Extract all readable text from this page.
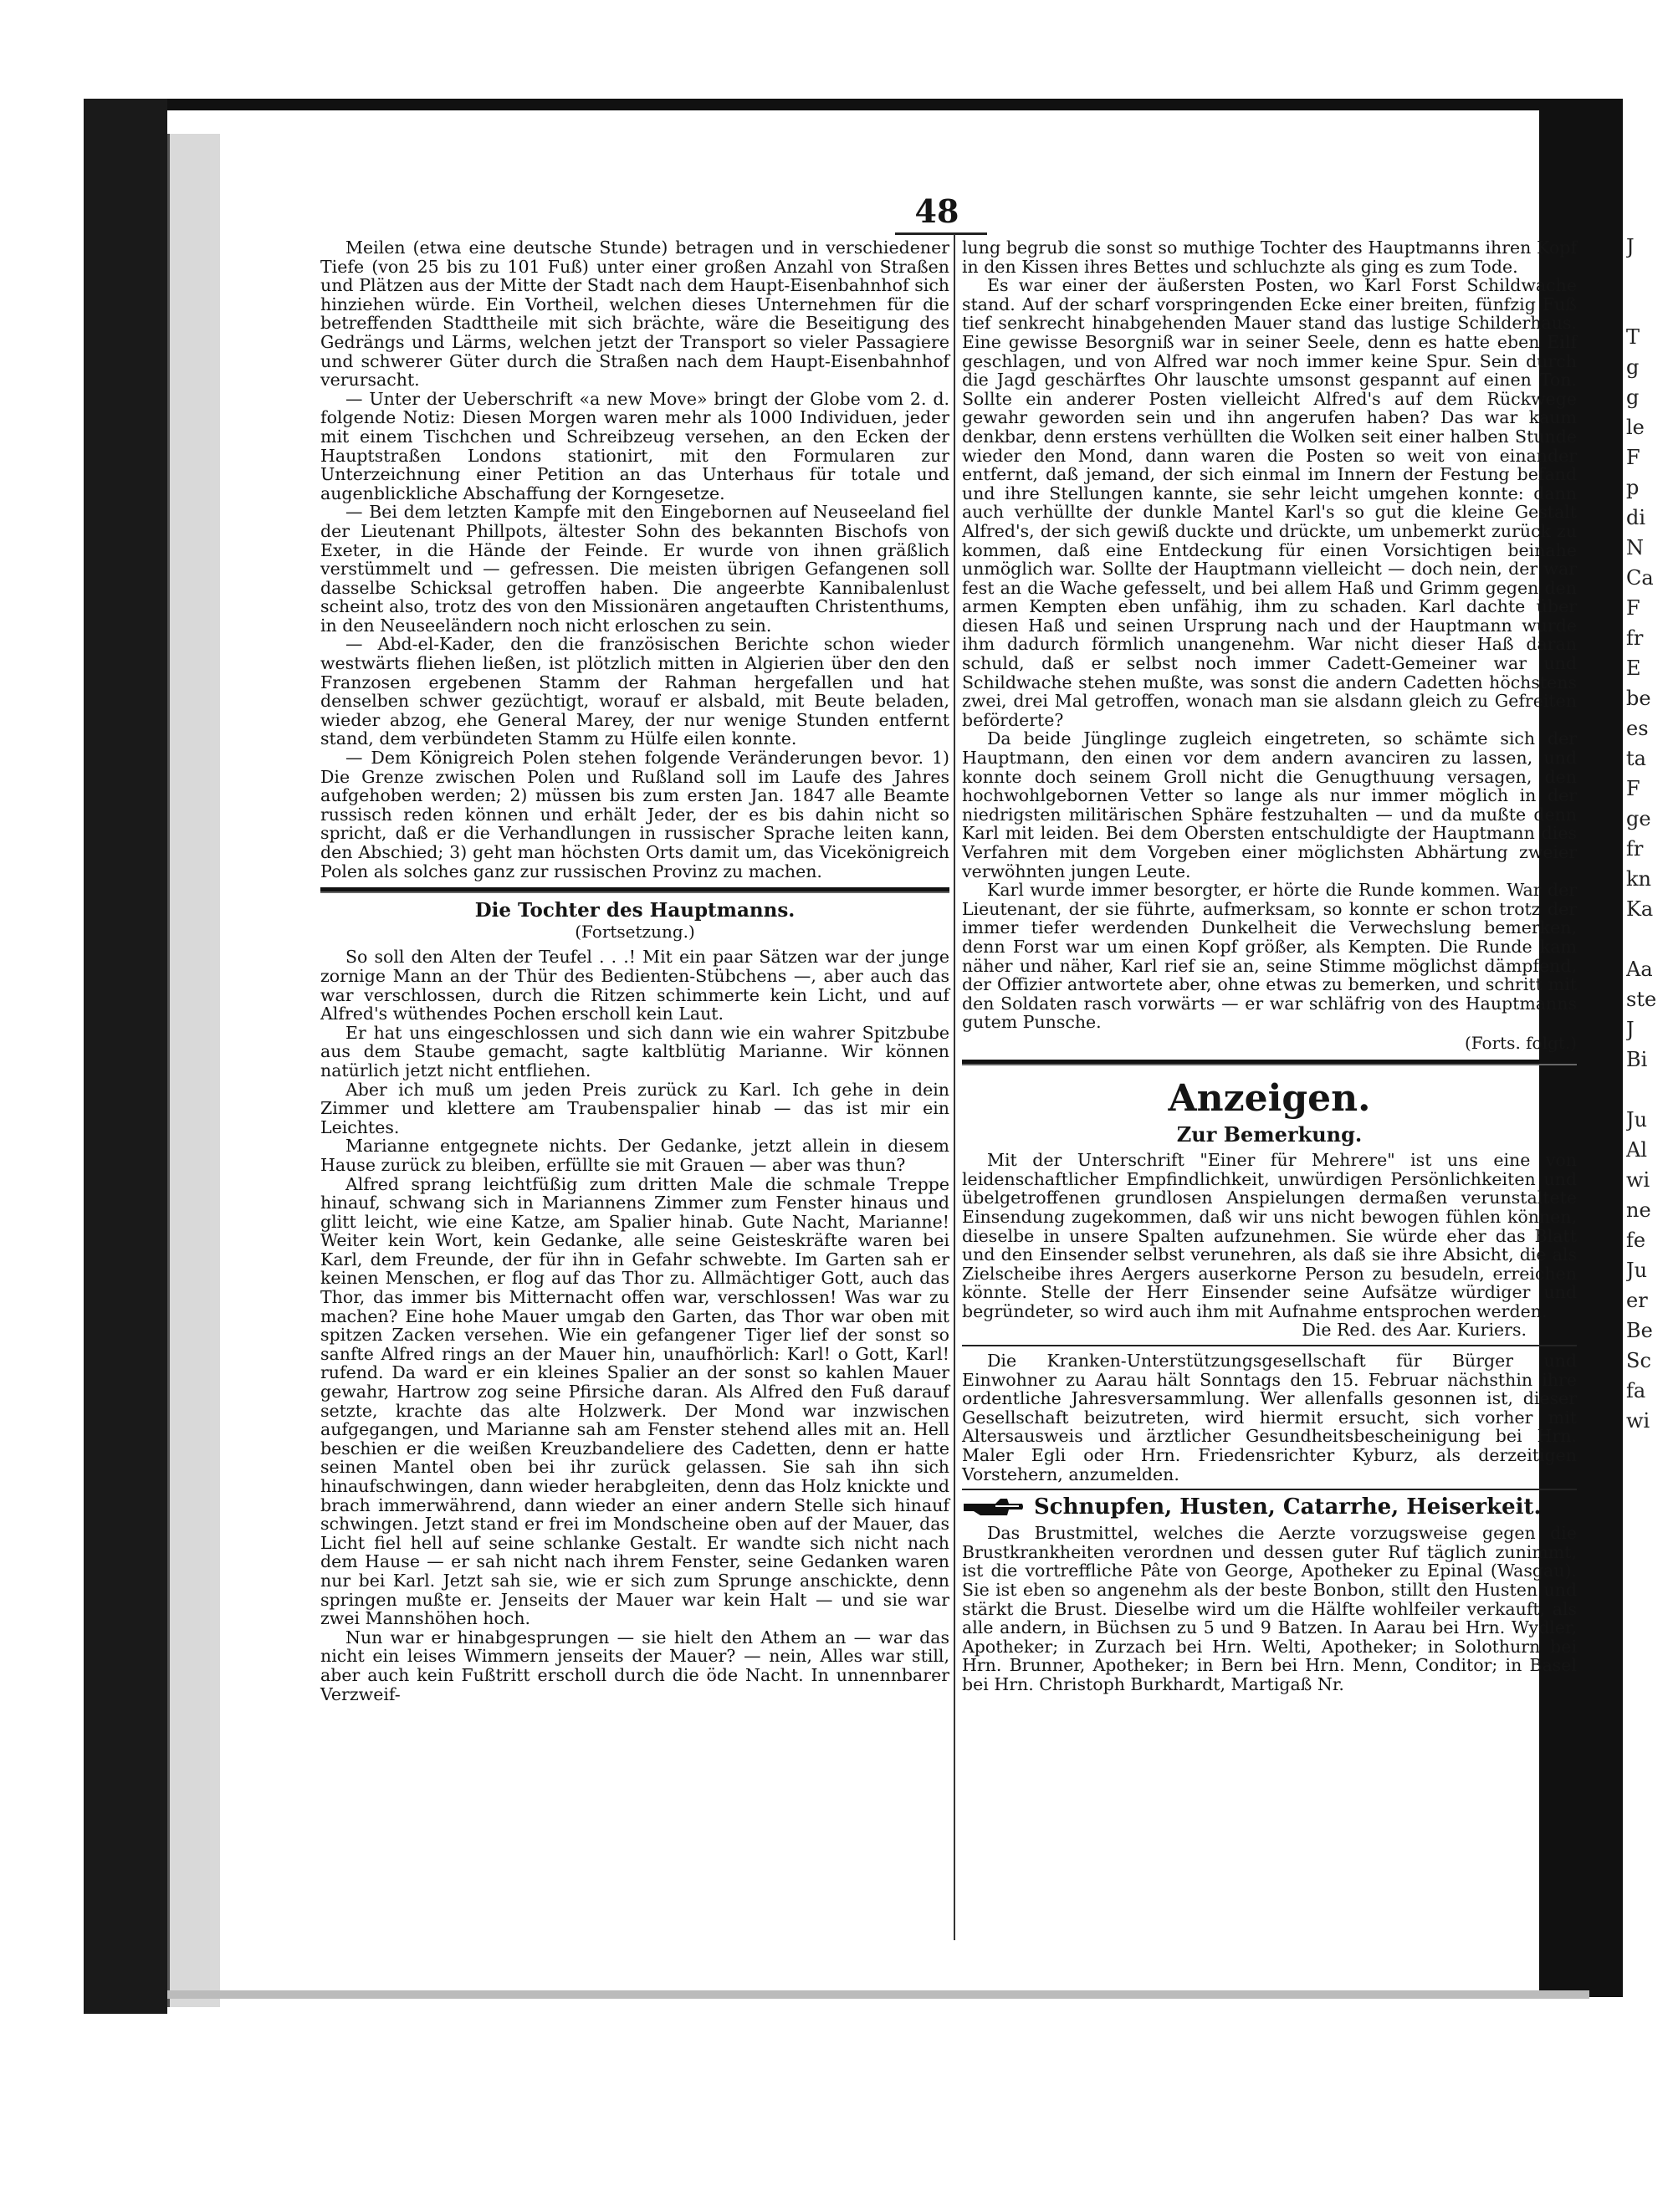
J
T
g
g
le
F
p
di
N
Ca
F
fr
E
be
es
ta
F
ge
fr
kn
Ka
Aa
ste
J
Bi
Ju
Al
wi
ne
fe
Ju
er
Be
Sc
fa
wi
48

Meilen (etwa eine deutsche Stunde) betragen und in verschiedener Tiefe (von 25 bis zu 101 Fuß) unter einer großen Anzahl von Straßen und Plätzen aus der Mitte der Stadt nach dem Haupt-Eisenbahnhof sich hinziehen würde. Ein Vortheil, welchen dieses Unternehmen für die betreffenden Stadttheile mit sich brächte, wäre die Beseitigung des Gedrängs und Lärms, welchen jetzt der Transport so vieler Passagiere und schwerer Güter durch die Straßen nach dem Haupt-Eisenbahnhof verursacht.

— Unter der Ueberschrift «a new Move» bringt der Globe vom 2. d. folgende Notiz: Diesen Morgen waren mehr als 1000 Individuen, jeder mit einem Tischchen und Schreibzeug versehen, an den Ecken der Hauptstraßen Londons stationirt, mit den Formularen zur Unterzeichnung einer Petition an das Unterhaus für totale und augenblickliche Abschaffung der Korngesetze.

— Bei dem letzten Kampfe mit den Eingebornen auf Neuseeland fiel der Lieutenant Phillpots, ältester Sohn des bekannten Bischofs von Exeter, in die Hände der Feinde. Er wurde von ihnen gräßlich verstümmelt und — gefressen. Die meisten übrigen Gefangenen soll dasselbe Schicksal getroffen haben. Die angeerbte Kannibalenlust scheint also, trotz des von den Missionären angetauften Christenthums, in den Neuseeländern noch nicht erloschen zu sein.

— Abd-el-Kader, den die französischen Berichte schon wieder westwärts fliehen ließen, ist plötzlich mitten in Algierien über den den Franzosen ergebenen Stamm der Rahman hergefallen und hat denselben schwer gezüchtigt, worauf er alsbald, mit Beute beladen, wieder abzog, ehe General Marey, der nur wenige Stunden entfernt stand, dem verbündeten Stamm zu Hülfe eilen konnte.

— Dem Königreich Polen stehen folgende Veränderungen bevor. 1) Die Grenze zwischen Polen und Rußland soll im Laufe des Jahres aufgehoben werden; 2) müssen bis zum ersten Jan. 1847 alle Beamte russisch reden können und erhält Jeder, der es bis dahin nicht so spricht, daß er die Verhandlungen in russischer Sprache leiten kann, den Abschied; 3) geht man höchsten Orts damit um, das Vicekönigreich Polen als solches ganz zur russischen Provinz zu machen.

Die Tochter des Hauptmanns.
(Fortsetzung.)

So soll den Alten der Teufel . . .! Mit ein paar Sätzen war der junge zornige Mann an der Thür des Bedienten-Stübchens —, aber auch das war verschlossen, durch die Ritzen schimmerte kein Licht, und auf Alfred's wüthendes Pochen erscholl kein Laut.

Er hat uns eingeschlossen und sich dann wie ein wahrer Spitzbube aus dem Staube gemacht, sagte kaltblütig Marianne. Wir können natürlich jetzt nicht entfliehen.

Aber ich muß um jeden Preis zurück zu Karl. Ich gehe in dein Zimmer und klettere am Traubenspalier hinab — das ist mir ein Leichtes.

Marianne entgegnete nichts. Der Gedanke, jetzt allein in diesem Hause zurück zu bleiben, erfüllte sie mit Grauen — aber was thun?

Alfred sprang leichtfüßig zum dritten Male die schmale Treppe hinauf, schwang sich in Mariannens Zimmer zum Fenster hinaus und glitt leicht, wie eine Katze, am Spalier hinab. Gute Nacht, Marianne! Weiter kein Wort, kein Gedanke, alle seine Geisteskräfte waren bei Karl, dem Freunde, der für ihn in Gefahr schwebte. Im Garten sah er keinen Menschen, er flog auf das Thor zu. Allmächtiger Gott, auch das Thor, das immer bis Mitternacht offen war, verschlossen! Was war zu machen? Eine hohe Mauer umgab den Garten, das Thor war oben mit spitzen Zacken versehen. Wie ein gefangener Tiger lief der sonst so sanfte Alfred rings an der Mauer hin, unaufhörlich: Karl! o Gott, Karl! rufend. Da ward er ein kleines Spalier an der sonst so kahlen Mauer gewahr, Hartrow zog seine Pfirsiche daran. Als Alfred den Fuß darauf setzte, krachte das alte Holzwerk. Der Mond war inzwischen aufgegangen, und Marianne sah am Fenster stehend alles mit an. Hell beschien er die weißen Kreuzbandeliere des Cadetten, denn er hatte seinen Mantel oben bei ihr zurück gelassen. Sie sah ihn sich hinaufschwingen, dann wieder herabgleiten, denn das Holz knickte und brach immerwährend, dann wieder an einer andern Stelle sich hinauf schwingen. Jetzt stand er frei im Mondscheine oben auf der Mauer, das Licht fiel hell auf seine schlanke Gestalt. Er wandte sich nicht nach dem Hause — er sah nicht nach ihrem Fenster, seine Gedanken waren nur bei Karl. Jetzt sah sie, wie er sich zum Sprunge anschickte, denn springen mußte er. Jenseits der Mauer war kein Halt — und sie war zwei Mannshöhen hoch.

Nun war er hinabgesprungen — sie hielt den Athem an — war das nicht ein leises Wimmern jenseits der Mauer? — nein, Alles war still, aber auch kein Fußtritt erscholl durch die öde Nacht. In unnennbarer Verzweif-

lung begrub die sonst so muthige Tochter des Hauptmanns ihren Kopf in den Kissen ihres Bettes und schluchzte als ging es zum Tode.

Es war einer der äußersten Posten, wo Karl Forst Schildwache stand. Auf der scharf vorspringenden Ecke einer breiten, fünfzig Fuß tief senkrecht hinabgehenden Mauer stand das lustige Schilderhaus. Eine gewisse Besorgniß war in seiner Seele, denn es hatte eben Eilf geschlagen, und von Alfred war noch immer keine Spur. Sein durch die Jagd geschärftes Ohr lauschte umsonst gespannt auf einen Ton. Sollte ein anderer Posten vielleicht Alfred's auf dem Rückwege gewahr geworden sein und ihn angerufen haben? Das war kaum denkbar, denn erstens verhüllten die Wolken seit einer halben Stunde wieder den Mond, dann waren die Posten so weit von einander entfernt, daß jemand, der sich einmal im Innern der Festung befand und ihre Stellungen kannte, sie sehr leicht umgehen konnte: dann auch verhüllte der dunkle Mantel Karl's so gut die kleine Gestalt Alfred's, der sich gewiß duckte und drückte, um unbemerkt zurück zu kommen, daß eine Entdeckung für einen Vorsichtigen beinahe unmöglich war. Sollte der Hauptmann vielleicht — doch nein, der war fest an die Wache gefesselt, und bei allem Haß und Grimm gegen den armen Kempten eben unfähig, ihm zu schaden. Karl dachte über diesen Haß und seinen Ursprung nach und der Hauptmann wurde ihm dadurch förmlich unangenehm. War nicht dieser Haß daran schuld, daß er selbst noch immer Cadett-Gemeiner war und Schildwache stehen mußte, was sonst die andern Cadetten höchstens zwei, drei Mal getroffen, wonach man sie alsdann gleich zu Gefreiten beförderte?

Da beide Jünglinge zugleich eingetreten, so schämte sich der Hauptmann, den einen vor dem andern avanciren zu lassen, und konnte doch seinem Groll nicht die Genugthuung versagen, den hochwohlgebornen Vetter so lange als nur immer möglich in der niedrigsten militärischen Sphäre festzuhalten — und da mußte denn Karl mit leiden. Bei dem Obersten entschuldigte der Hauptmann dies Verfahren mit dem Vorgeben einer möglichsten Abhärtung zweier verwöhnten jungen Leute.

Karl wurde immer besorgter, er hörte die Runde kommen. War der Lieutenant, der sie führte, aufmerksam, so konnte er schon trotz der immer tiefer werdenden Dunkelheit die Verwechslung bemerken, denn Forst war um einen Kopf größer, als Kempten. Die Runde kam näher und näher, Karl rief sie an, seine Stimme möglichst dämpfend, der Offizier antwortete aber, ohne etwas zu bemerken, und schritt mit den Soldaten rasch vorwärts — er war schläfrig von des Hauptmanns gutem Punsche.

(Forts. folgt.)
Anzeigen.
Zur Bemerkung.

Mit der Unterschrift "Einer für Mehrere" ist uns eine von leidenschaftlicher Empfindlichkeit, unwürdigen Persönlichkeiten und übelgetroffenen grundlosen Anspielungen dermaßen verunstaltete Einsendung zugekommen, daß wir uns nicht bewogen fühlen können, dieselbe in unsere Spalten aufzunehmen. Sie würde eher das Blatt und den Einsender selbst verunehren, als daß sie ihre Absicht, die als Zielscheibe ihres Aergers auserkorne Person zu besudeln, erreichen könnte. Stelle der Herr Einsender seine Aufsätze würdiger und begründeter, so wird auch ihm mit Aufnahme entsprochen werden.

Die Red. des Aar. Kuriers.

Die Kranken-Unterstützungsgesellschaft für Bürger und Einwohner zu Aarau hält Sonntags den 15. Februar nächsthin ihre ordentliche Jahresversammlung. Wer allenfalls gesonnen ist, dieser Gesellschaft beizutreten, wird hiermit ersucht, sich vorher mit Altersausweis und ärztlicher Gesundheitsbescheinigung bei Hrn. Maler Egli oder Hrn. Friedensrichter Kyburz, als derzeitigen Vorstehern, anzumelden.

Schnupfen, Husten, Catarrhe, Heiserkeit.

Das Brustmittel, welches die Aerzte vorzugsweise gegen die Brustkrankheiten verordnen und dessen guter Ruf täglich zunimmt, ist die vortreffliche Pâte von George, Apotheker zu Epinal (Wasgau). Sie ist eben so angenehm als der beste Bonbon, stillt den Husten und stärkt die Brust. Dieselbe wird um die Hälfte wohlfeiler verkauft, als alle andern, in Büchsen zu 5 und 9 Batzen. In Aarau bei Hrn. Wydler, Apotheker; in Zurzach bei Hrn. Welti, Apotheker; in Solothurn bei Hrn. Brunner, Apotheker; in Bern bei Hrn. Menn, Conditor; in Basel bei Hrn. Christoph Burkhardt, Martigaß Nr.
